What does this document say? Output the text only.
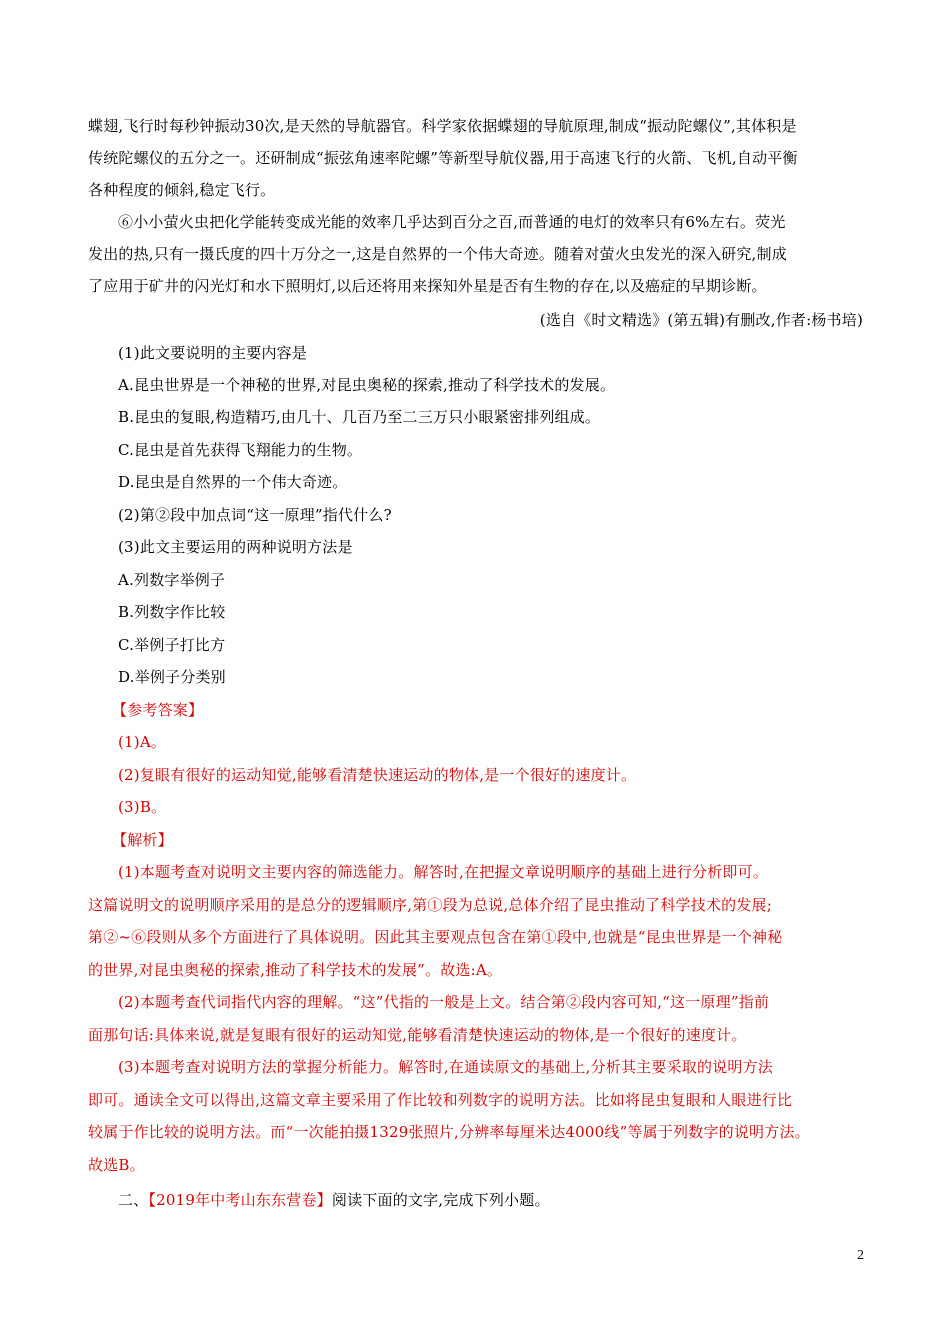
蝶翅,飞行时每秒钟振动30次,是天然的导航器官。科学家依据蝶翅的导航原理,制成“振动陀螺仪”,其体积是
传统陀螺仪的五分之一。还研制成“振弦角速率陀螺”等新型导航仪器,用于高速飞行的火箭、飞机,自动平衡
各种程度的倾斜,稳定飞行。
⑥小小萤火虫把化学能转变成光能的效率几乎达到百分之百,而普通的电灯的效率只有6%左右。荧光
发出的热,只有一摄氏度的四十万分之一,这是自然界的一个伟大奇迹。随着对萤火虫发光的深入研究,制成
了应用于矿井的闪光灯和水下照明灯,以后还将用来探知外星是否有生物的存在,以及癌症的早期诊断。
(选自《时文精选》(第五辑)有删改,作者:杨书培)
(1)此文要说明的主要内容是
A.昆虫世界是一个神秘的世界,对昆虫奥秘的探索,推动了科学技术的发展。
B.昆虫的复眼,构造精巧,由几十、几百乃至二三万只小眼紧密排列组成。
C.昆虫是首先获得飞翔能力的生物。
D.昆虫是自然界的一个伟大奇迹。
(2)第②段中加点词“这一原理”指代什么?
(3)此文主要运用的两种说明方法是
A.列数字举例子
B.列数字作比较
C.举例子打比方
D.举例子分类别
【参考答案】
(1)A。
(2)复眼有很好的运动知觉,能够看清楚快速运动的物体,是一个很好的速度计。
(3)B。
【解析】
(1)本题考查对说明文主要内容的筛选能力。解答时,在把握文章说明顺序的基础上进行分析即可。
这篇说明文的说明顺序采用的是总分的逻辑顺序,第①段为总说,总体介绍了昆虫推动了科学技术的发展;
第②~⑥段则从多个方面进行了具体说明。因此其主要观点包含在第①段中,也就是“昆虫世界是一个神秘
的世界,对昆虫奥秘的探索,推动了科学技术的发展”。故选:A。
(2)本题考查代词指代内容的理解。“这”代指的一般是上文。结合第②段内容可知,“这一原理”指前
面那句话:具体来说,就是复眼有很好的运动知觉,能够看清楚快速运动的物体,是一个很好的速度计。
(3)本题考查对说明方法的掌握分析能力。解答时,在通读原文的基础上,分析其主要采取的说明方法
即可。通读全文可以得出,这篇文章主要采用了作比较和列数字的说明方法。比如将昆虫复眼和人眼进行比
较属于作比较的说明方法。而“一次能拍摄1329张照片,分辨率每厘米达4000线”等属于列数字的说明方法。
故选B。
二、【2019年中考山东东营卷】阅读下面的文字,完成下列小题。
2
